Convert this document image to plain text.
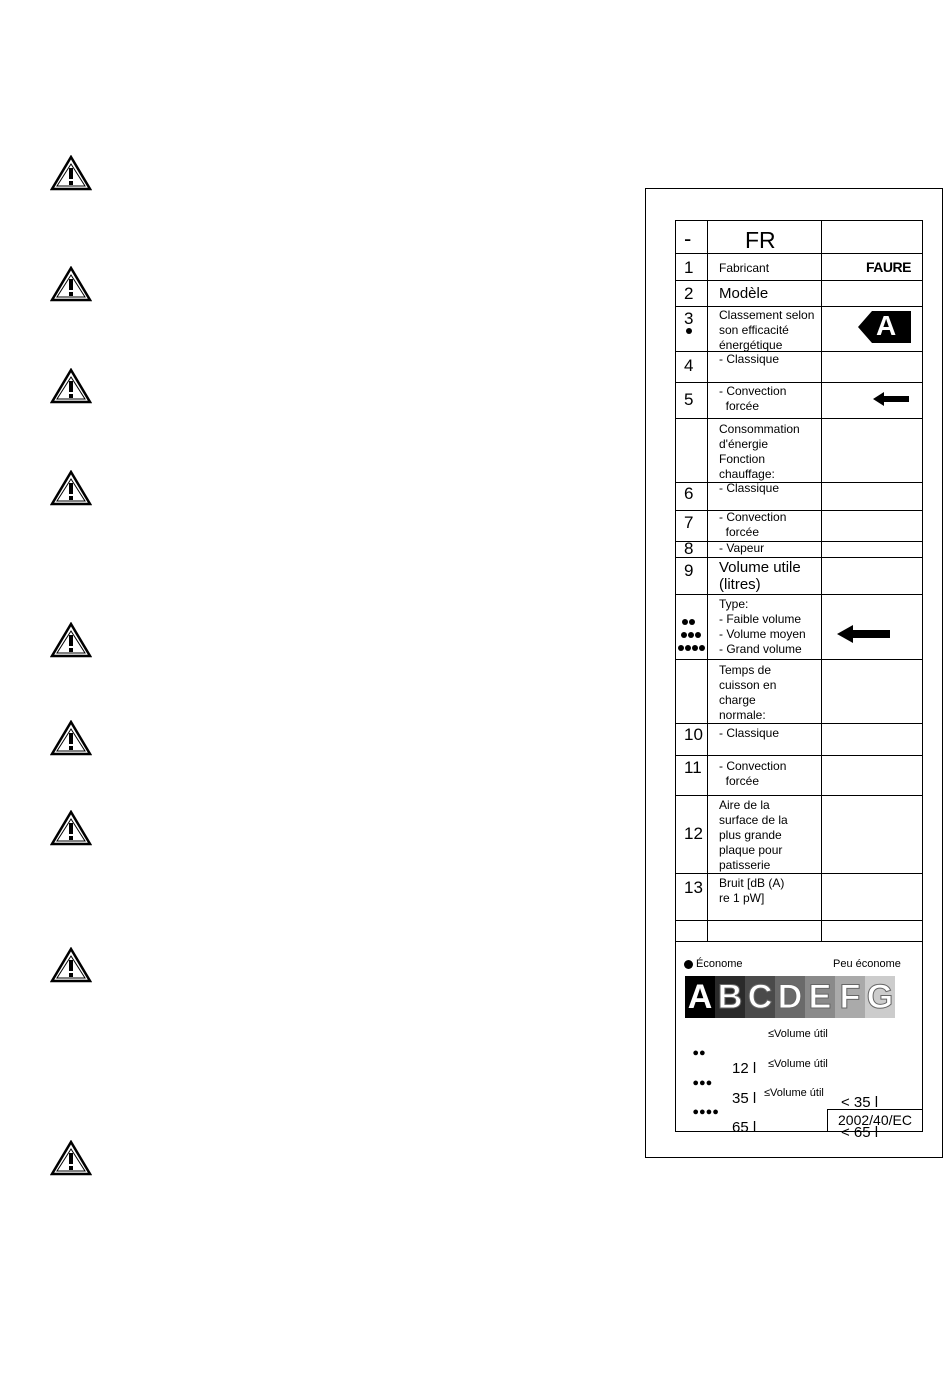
- FR
1
2
3
4
5
6
7
8
9
10
11
12
13
Fabricant
Modèle
Classement selon
son efficacité
énergétique
- Classique
- Convection
forcée
Consommation
d'énergie
Fonction
chauffage:
- Classique
- Convection
forcée
- Vapeur
Volume utile
(litres)
Type:
- Faible volume
- Volume moyen
- Grand volume
Temps de
cuisson en
charge
normale:
- Classique
- Convection
forcée
Aire de la
surface de la
plus grande
plaque pour
patisserie
Bruit [dB (A)
re 1 pW]
FAURE
A
Économe	Peu économe
A B C D E F G

●●

12 l

≤Volume útil

< 35 l

●●●

35 l

≤Volume útil

< 65 l

●●●●

65 l

≤Volume útil

2002/40/EC
